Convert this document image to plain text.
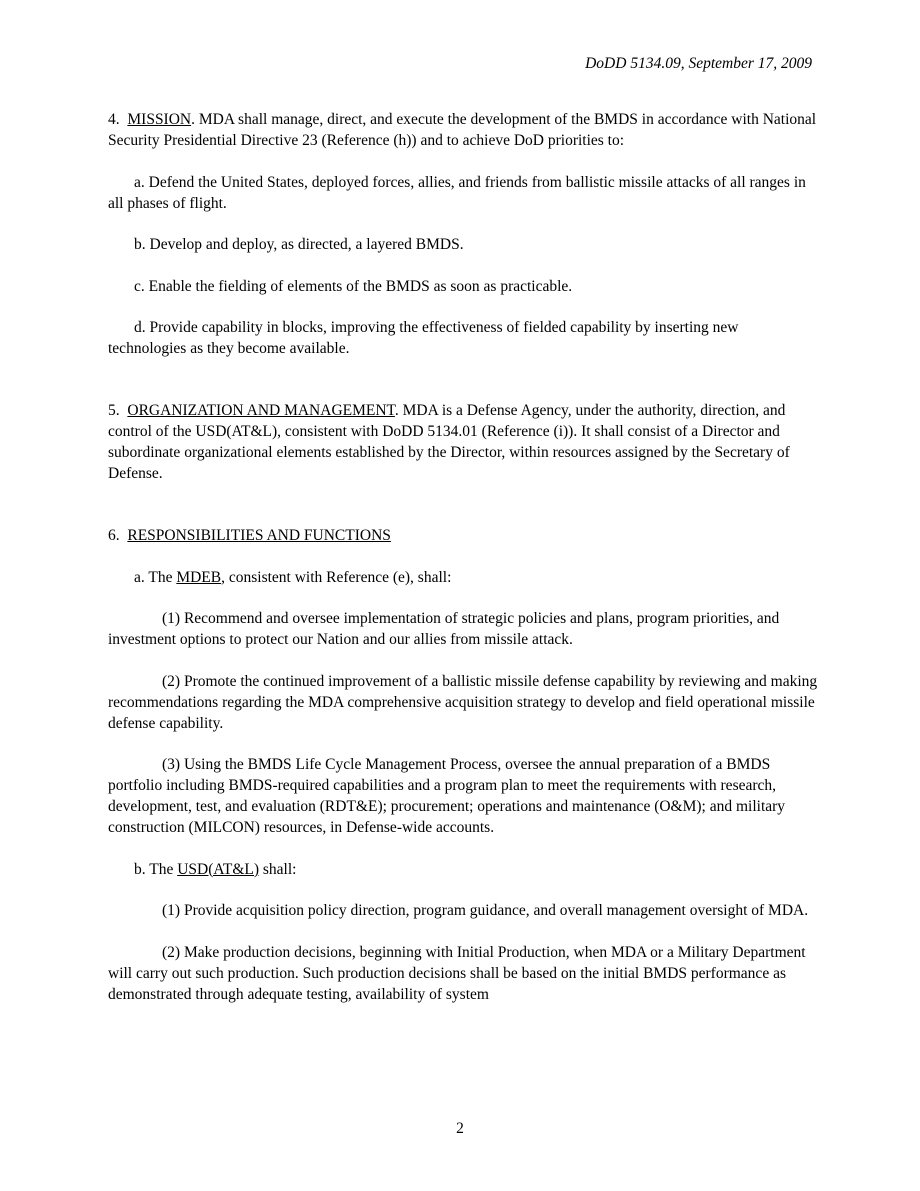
DoDD 5134.09, September 17, 2009

4. MISSION. MDA shall manage, direct, and execute the development of the BMDS in accordance with National Security Presidential Directive 23 (Reference (h)) and to achieve DoD priorities to:

a. Defend the United States, deployed forces, allies, and friends from ballistic missile attacks of all ranges in all phases of flight.

b. Develop and deploy, as directed, a layered BMDS.

c. Enable the fielding of elements of the BMDS as soon as practicable.

d. Provide capability in blocks, improving the effectiveness of fielded capability by inserting new technologies as they become available.

5. ORGANIZATION AND MANAGEMENT. MDA is a Defense Agency, under the authority, direction, and control of the USD(AT&L), consistent with DoDD 5134.01 (Reference (i)). It shall consist of a Director and subordinate organizational elements established by the Director, within resources assigned by the Secretary of Defense.

6. RESPONSIBILITIES AND FUNCTIONS

a. The MDEB, consistent with Reference (e), shall:

(1) Recommend and oversee implementation of strategic policies and plans, program priorities, and investment options to protect our Nation and our allies from missile attack.

(2) Promote the continued improvement of a ballistic missile defense capability by reviewing and making recommendations regarding the MDA comprehensive acquisition strategy to develop and field operational missile defense capability.

(3) Using the BMDS Life Cycle Management Process, oversee the annual preparation of a BMDS portfolio including BMDS-required capabilities and a program plan to meet the requirements with research, development, test, and evaluation (RDT&E); procurement; operations and maintenance (O&M); and military construction (MILCON) resources, in Defense-wide accounts.

b. The USD(AT&L) shall:

(1) Provide acquisition policy direction, program guidance, and overall management oversight of MDA.

(2) Make production decisions, beginning with Initial Production, when MDA or a Military Department will carry out such production. Such production decisions shall be based on the initial BMDS performance as demonstrated through adequate testing, availability of system

2
